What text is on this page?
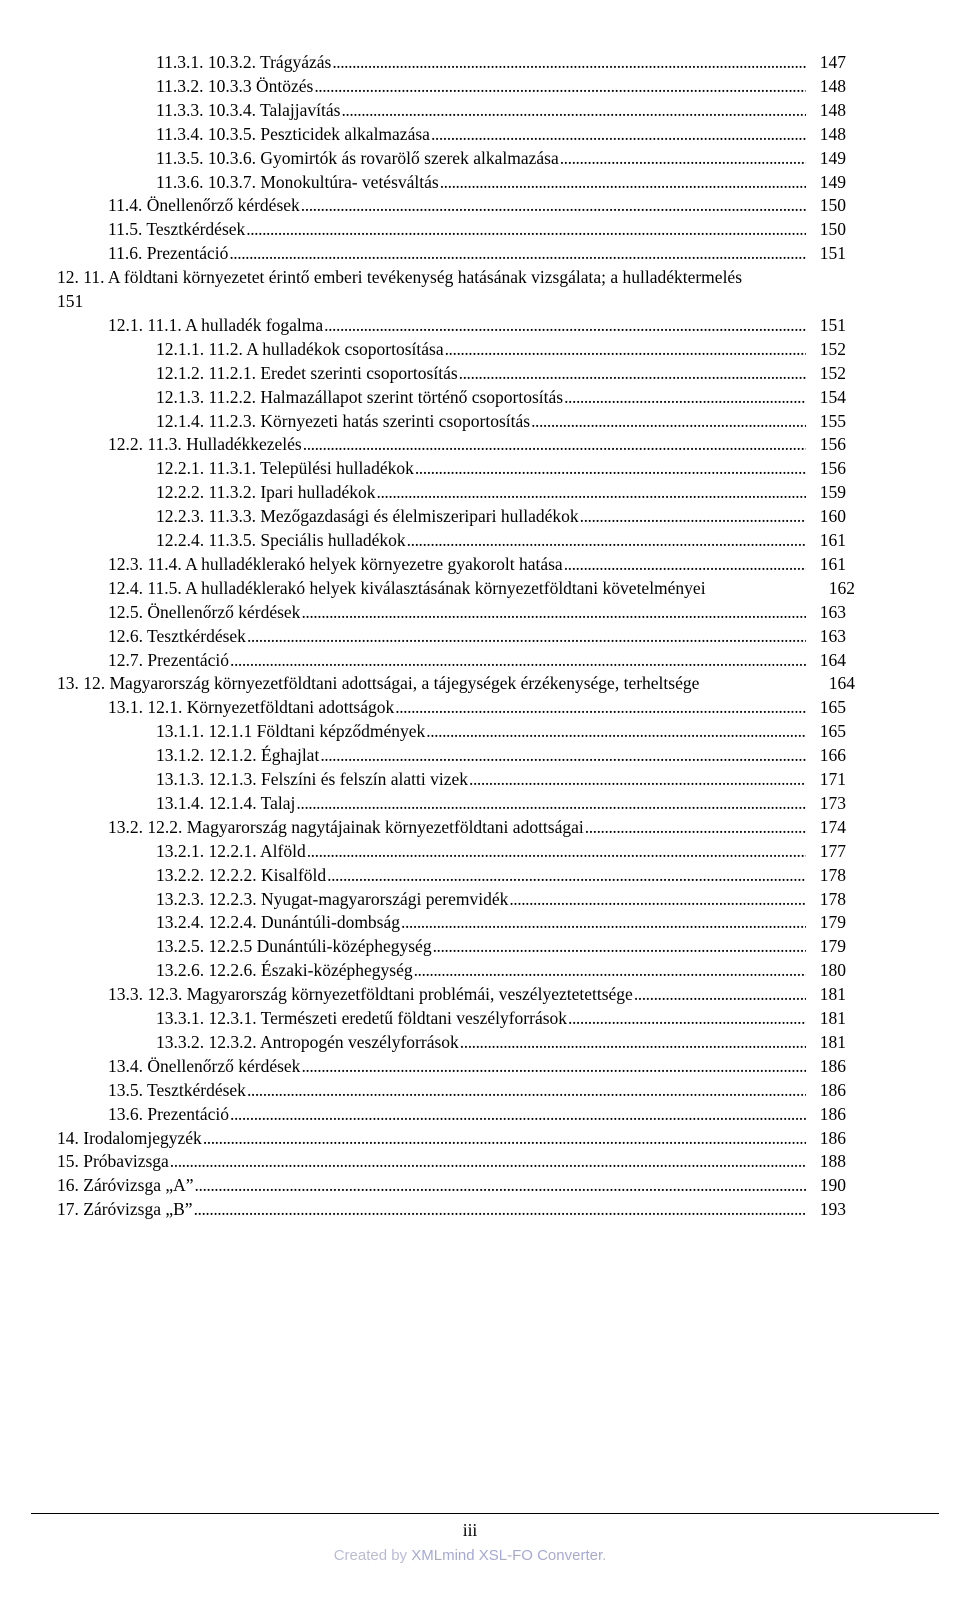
11.3.1. 10.3.2. Trágyázás . . .	147
11.3.2. 10.3.3 Öntözés . . .	148
11.3.3. 10.3.4. Talajjavítás . . .	148
11.3.4. 10.3.5. Peszticidek alkalmazása . . .	148
11.3.5. 10.3.6. Gyomirtók ás rovarölő szerek alkalmazása . . .	149
11.3.6. 10.3.7. Monokultúra- vetésváltás . . .	149
11.4. Önellenőrző kérdések . . .	150
11.5. Tesztkérdések . . .	150
11.6. Prezentáció . . .	151
12. 11. A földtani környezetet érintő emberi tevékenység hatásának vizsgálata; a hulladéktermelés
151
12.1. 11.1. A hulladék fogalma . . .	151
12.1.1. 11.2. A hulladékok csoportosítása . . .	152
12.1.2. 11.2.1. Eredet szerinti csoportosítás . . .	152
12.1.3. 11.2.2. Halmazállapot szerint történő csoportosítás . . .	154
12.1.4. 11.2.3. Környezeti hatás szerinti csoportosítás . . .	155
12.2. 11.3. Hulladékkezelés . . .	156
12.2.1. 11.3.1. Települési hulladékok . . .	156
12.2.2. 11.3.2. Ipari hulladékok . . .	159
12.2.3. 11.3.3. Mezőgazdasági és élelmiszeripari hulladékok . . .	160
12.2.4. 11.3.5. Speciális hulladékok . . .	161
12.3. 11.4. A hulladéklerakó helyek környezetre gyakorolt hatása . . .	161
12.4. 11.5. A hulladéklerakó helyek kiválasztásának környezetföldtani követelményei	162
12.5. Önellenőrző kérdések . . .	163
12.6. Tesztkérdések . . .	163
12.7. Prezentáció . . .	164
13. 12. Magyarország környezetföldtani adottságai, a tájegységek érzékenysége, terheltsége	164
13.1. 12.1. Környezetföldtani adottságok . . .	165
13.1.1. 12.1.1 Földtani képződmények . . .	165
13.1.2. 12.1.2. Éghajlat . . .	166
13.1.3. 12.1.3. Felszíni és felszín alatti vizek . . .	171
13.1.4. 12.1.4. Talaj . . .	173
13.2. 12.2. Magyarország nagytájainak környezetföldtani adottságai . . .	174
13.2.1. 12.2.1. Alföld . . .	177
13.2.2. 12.2.2. Kisalföld . . .	178
13.2.3. 12.2.3. Nyugat-magyarországi peremvidék . . .	178
13.2.4. 12.2.4. Dunántúli-dombság . . .	179
13.2.5. 12.2.5 Dunántúli-középhegység . . .	179
13.2.6. 12.2.6. Északi-középhegység . . .	180
13.3. 12.3. Magyarország környezetföldtani problémái, veszélyeztetettsége . . .	181
13.3.1. 12.3.1. Természeti eredetű földtani veszélyforrások . . .	181
13.3.2. 12.3.2. Antropogén veszélyforrások . . .	181
13.4. Önellenőrző kérdések . . .	186
13.5. Tesztkérdések . . .	186
13.6. Prezentáció . . .	186
14. Irodalomjegyzék . . .	186
15. Próbavizsga . . .	188
16. Záróvizsga „A” . . .	190
17. Záróvizsga „B” . . .	193
iii
Created by XMLmind XSL-FO Converter.
